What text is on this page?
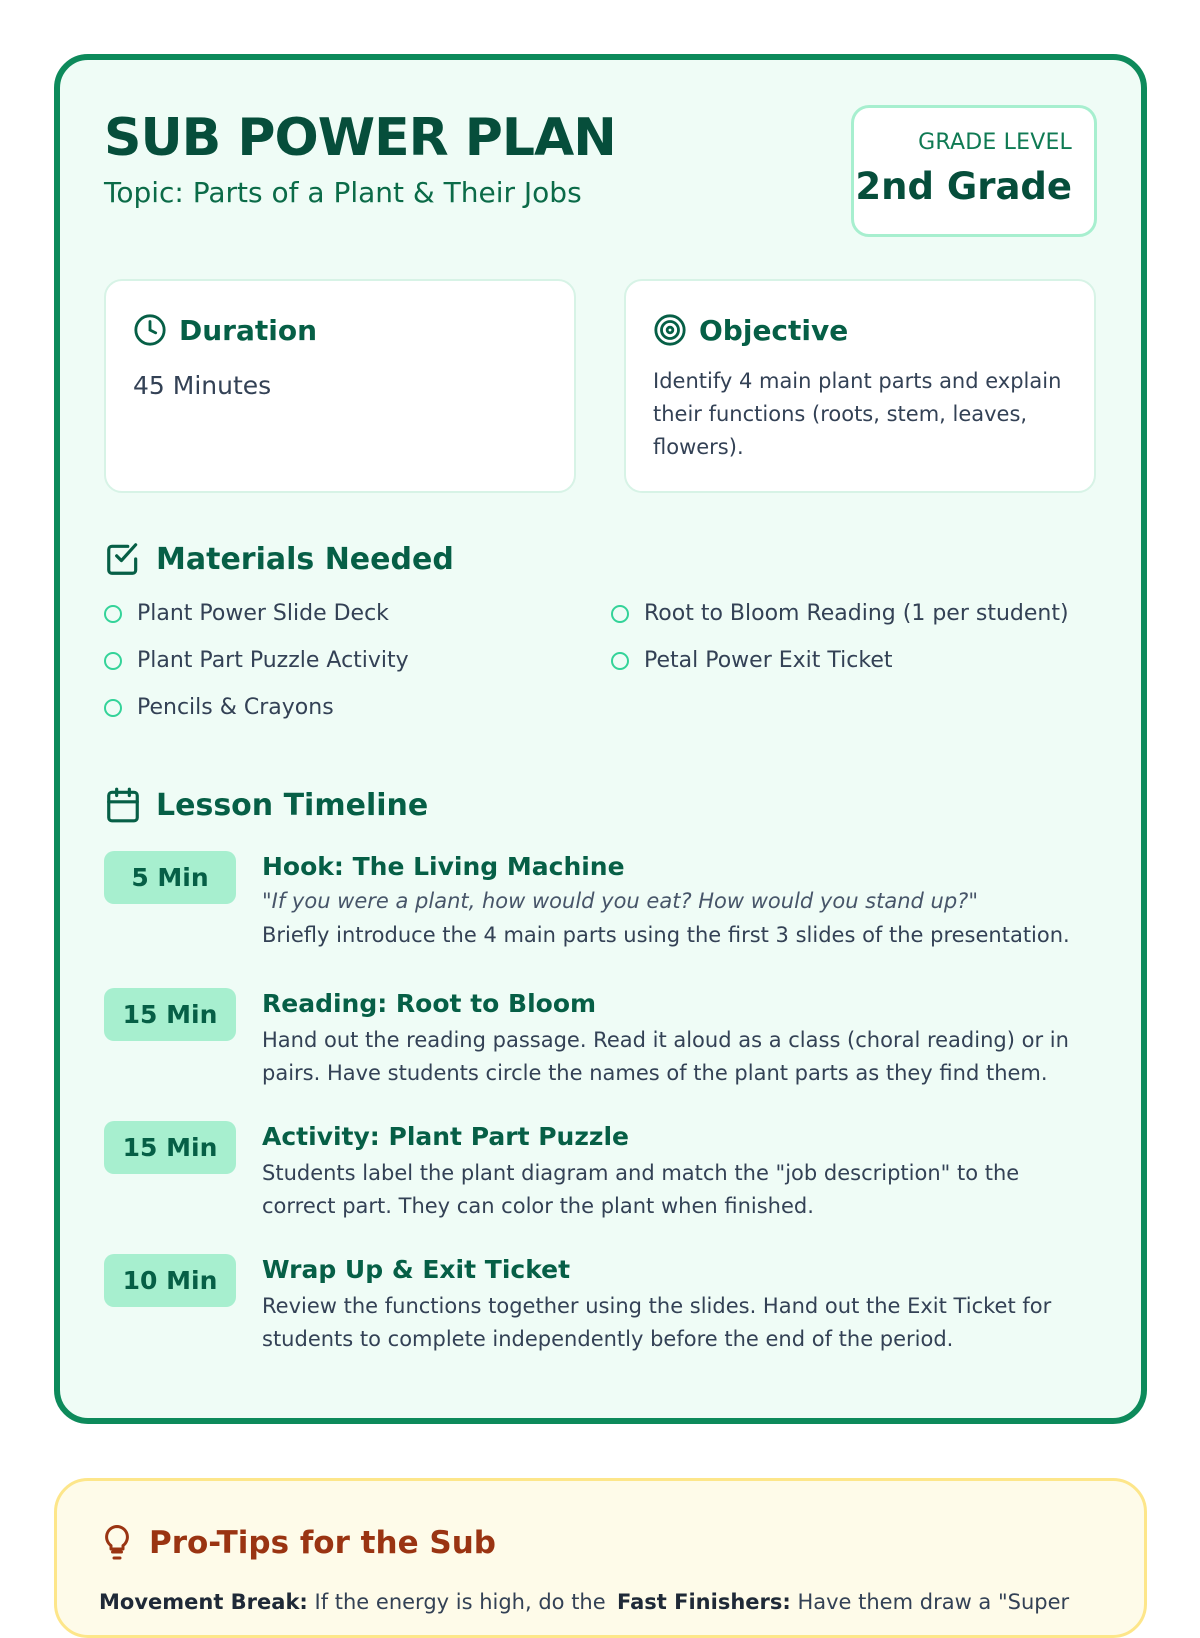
SUB POWER PLAN
Topic: Parts of a Plant & Their Jobs
GRADE LEVEL
2nd Grade
Duration
45 Minutes
Objective
Identify 4 main plant parts and explain their functions (roots, stem, leaves, flowers).
Materials Needed
Plant Power Slide Deck
Plant Part Puzzle Activity
Pencils & Crayons
Root to Bloom Reading (1 per student)
Petal Power Exit Ticket
Lesson Timeline
5 Min	Hook: The Living Machine
"If you were a plant, how would you eat? How would you stand up?"
Briefly introduce the 4 main parts using the first 3 slides of the presentation.
15 Min	Reading: Root to Bloom
Hand out the reading passage. Read it aloud as a class (choral reading) or in pairs. Have students circle the names of the plant parts as they find them.
15 Min	Activity: Plant Part Puzzle
Students label the plant diagram and match the "job description" to the correct part. They can color the plant when finished.
10 Min	Wrap Up & Exit Ticket
Review the functions together using the slides. Hand out the Exit Ticket for students to complete independently before the end of the period.
Pro-Tips for the Sub
Movement Break: If the energy is high, do the Fast Finishers: Have them draw a "Super
